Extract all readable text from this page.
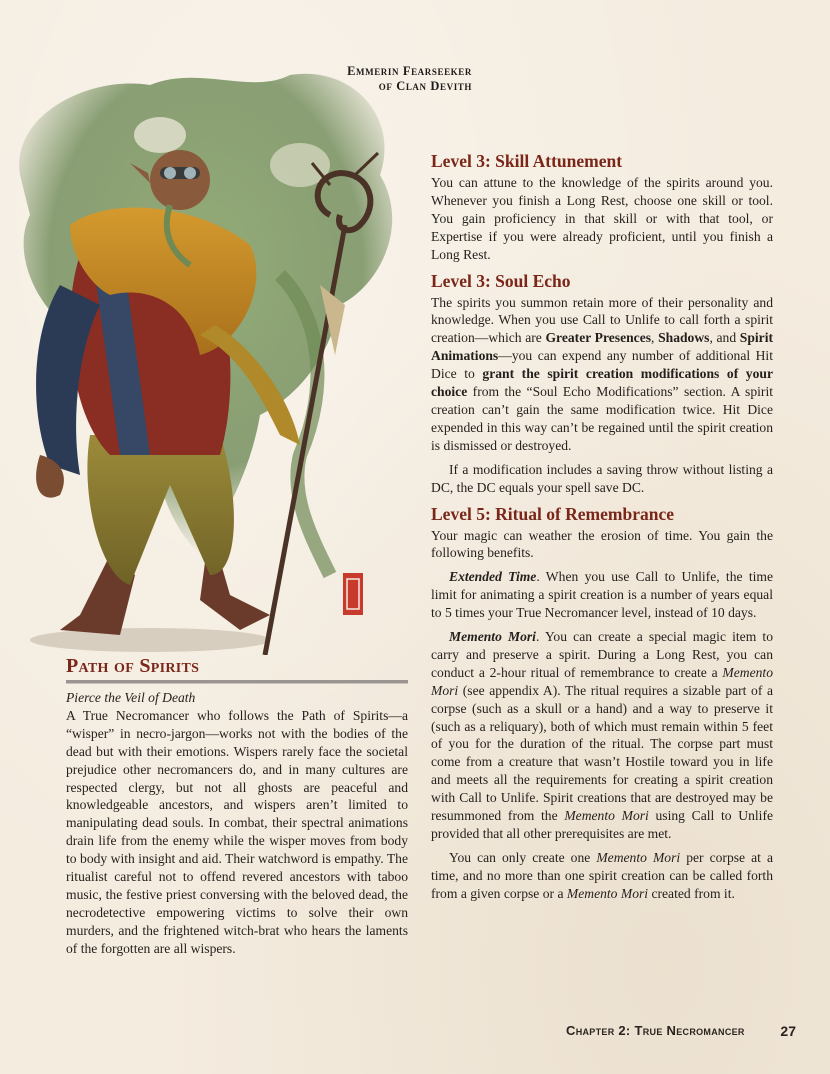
Emmerin Fearseeker
of Clan Devith
Path of Spirits

Pierce the Veil of Death

A True Necromancer who follows the Path of Spirits—a “wisper” in necro-jargon—works not with the bodies of the dead but with their emotions. Wispers rarely face the societal prejudice other necromancers do, and in many cultures are respected clergy, but not all ghosts are peaceful and knowledgeable ancestors, and wispers aren’t limited to manipulating dead souls. In combat, their spectral animations drain life from the enemy while the wisper moves from body to body with insight and aid. Their watchword is empathy. The ritualist careful not to offend revered ancestors with taboo music, the festive priest conversing with the beloved dead, the necrodetective empowering victims to solve their own murders, and the frightened witch-brat who hears the laments of the forgotten are all wispers.

Level 3: Skill Attunement

You can attune to the knowledge of the spirits around you. Whenever you finish a Long Rest, choose one skill or tool. You gain proficiency in that skill or with that tool, or Expertise if you were already proficient, until you finish a Long Rest.

Level 3: Soul Echo

The spirits you summon retain more of their personality and knowledge. When you use Call to Unlife to call forth a spirit creation—which are Greater Presences, Shadows, and Spirit Animations—you can expend any number of additional Hit Dice to grant the spirit creation modifications of your choice from the “Soul Echo Modifications” section. A spirit creation can’t gain the same modification twice. Hit Dice expended in this way can’t be regained until the spirit creation is dismissed or destroyed.

If a modification includes a saving throw without listing a DC, the DC equals your spell save DC.

Level 5: Ritual of Remembrance

Your magic can weather the erosion of time. You gain the following benefits.

Extended Time. When you use Call to Unlife, the time limit for animating a spirit creation is a number of years equal to 5 times your True Necromancer level, instead of 10 days.

Memento Mori. You can create a special magic item to carry and preserve a spirit. During a Long Rest, you can conduct a 2-hour ritual of remembrance to create a Memento Mori (see appendix A). The ritual requires a sizable part of a corpse (such as a skull or a hand) and a way to preserve it (such as a reliquary), both of which must remain within 5 feet of you for the duration of the ritual. The corpse part must come from a creature that wasn’t Hostile toward you in life and meets all the requirements for creating a spirit creation with Call to Unlife. Spirit creations that are destroyed may be resummoned from the Memento Mori using Call to Unlife provided that all other prerequisites are met.

You can only create one Memento Mori per corpse at a time, and no more than one spirit creation can be called forth from a given corpse or a Memento Mori created from it.

Chapter 2: True Necromancer	27
